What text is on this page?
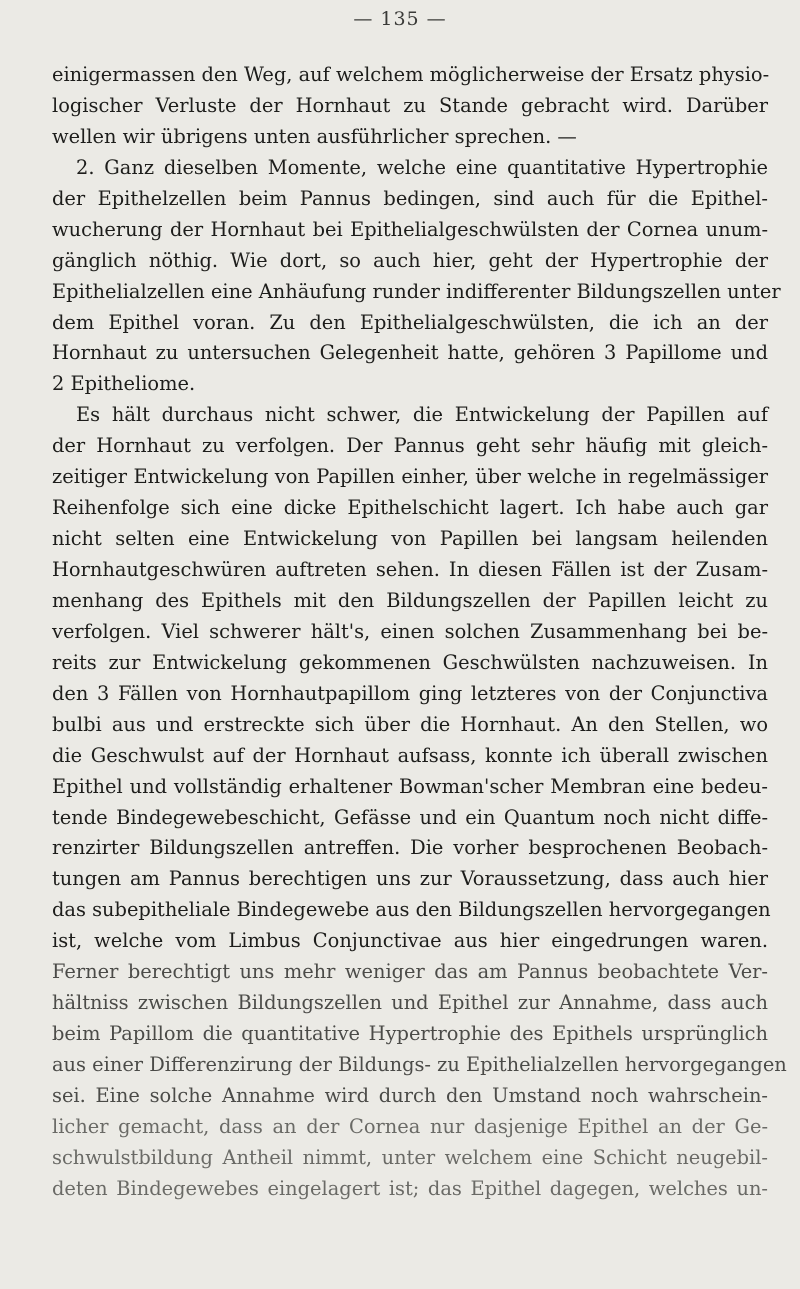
— 135 —
einigermassen den Weg, auf welchem möglicherweise der Ersatz physio-
logischer Verluste der Hornhaut zu Stande gebracht wird. Darüber
wellen wir übrigens unten ausführlicher sprechen. —
2. Ganz dieselben Momente, welche eine quantitative Hypertrophie
der Epithelzellen beim Pannus bedingen, sind auch für die Epithel-
wucherung der Hornhaut bei Epithelialgeschwülsten der Cornea unum-
gänglich nöthig. Wie dort, so auch hier, geht der Hypertrophie der
Epithelialzellen eine Anhäufung runder indifferenter Bildungszellen unter
dem Epithel voran. Zu den Epithelialgeschwülsten, die ich an der
Hornhaut zu untersuchen Gelegenheit hatte, gehören 3 Papillome und
2 Epitheliome.
Es hält durchaus nicht schwer, die Entwickelung der Papillen auf
der Hornhaut zu verfolgen. Der Pannus geht sehr häufig mit gleich-
zeitiger Entwickelung von Papillen einher, über welche in regelmässiger
Reihenfolge sich eine dicke Epithelschicht lagert. Ich habe auch gar
nicht selten eine Entwickelung von Papillen bei langsam heilenden
Hornhautgeschwüren auftreten sehen. In diesen Fällen ist der Zusam-
menhang des Epithels mit den Bildungszellen der Papillen leicht zu
verfolgen. Viel schwerer hält's, einen solchen Zusammenhang bei be-
reits zur Entwickelung gekommenen Geschwülsten nachzuweisen. In
den 3 Fällen von Hornhautpapillom ging letzteres von der Conjunctiva
bulbi aus und erstreckte sich über die Hornhaut. An den Stellen, wo
die Geschwulst auf der Hornhaut aufsass, konnte ich überall zwischen
Epithel und vollständig erhaltener Bowman'scher Membran eine bedeu-
tende Bindegewebeschicht, Gefässe und ein Quantum noch nicht diffe-
renzirter Bildungszellen antreffen. Die vorher besprochenen Beobach-
tungen am Pannus berechtigen uns zur Voraussetzung, dass auch hier
das subepitheliale Bindegewebe aus den Bildungszellen hervorgegangen
ist, welche vom Limbus Conjunctivae aus hier eingedrungen waren.
Ferner berechtigt uns mehr weniger das am Pannus beobachtete Ver-
hältniss zwischen Bildungszellen und Epithel zur Annahme, dass auch
beim Papillom die quantitative Hypertrophie des Epithels ursprünglich
aus einer Differenzirung der Bildungs- zu Epithelialzellen hervorgegangen
sei. Eine solche Annahme wird durch den Umstand noch wahrschein-
licher gemacht, dass an der Cornea nur dasjenige Epithel an der Ge-
schwulstbildung Antheil nimmt, unter welchem eine Schicht neugebil-
deten Bindegewebes eingelagert ist; das Epithel dagegen, welches un-
